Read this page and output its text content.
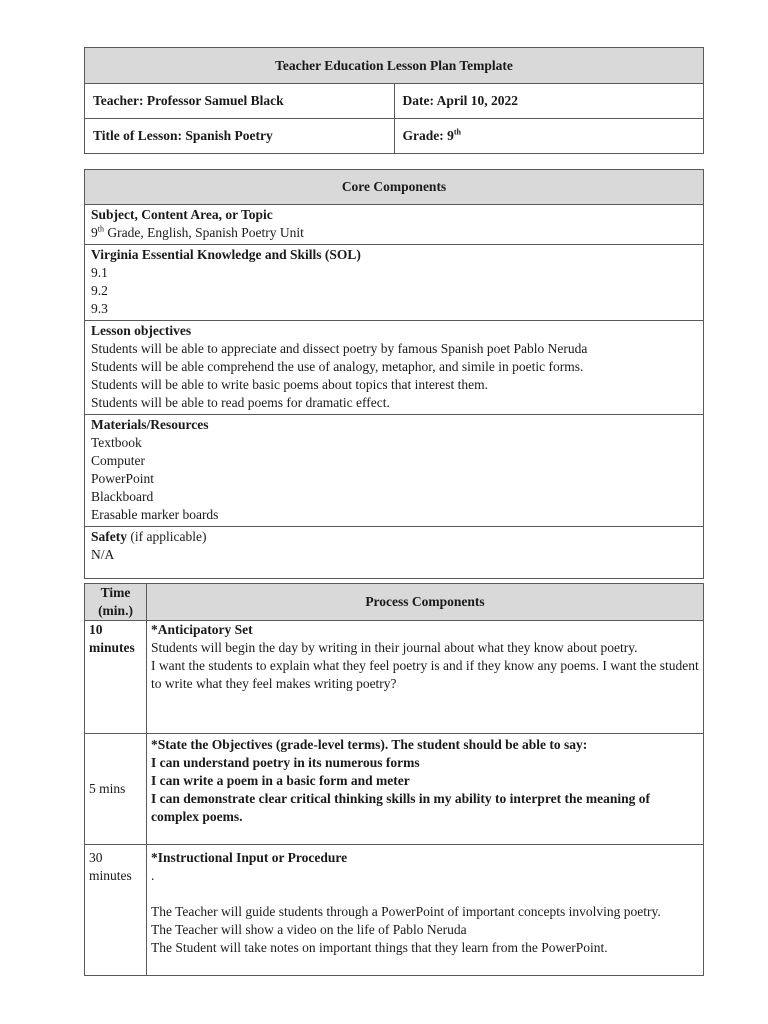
Teacher Education Lesson Plan Template	
Teacher: Professor Samuel Black	Date: April 10, 2022
Title of Lesson: Spanish Poetry	Grade: 9th
Core Components

Subject, Content Area, or Topic
9th Grade, English, Spanish Poetry Unit

Virginia Essential Knowledge and Skills (SOL)
9.1
9.2
9.3

Lesson objectives
Students will be able to appreciate and dissect poetry by famous Spanish poet Pablo Neruda
Students will be able comprehend the use of analogy, metaphor, and simile in poetic forms.
Students will be able to write basic poems about topics that interest them.
Students will be able to read poems for dramatic effect.

Materials/Resources
Textbook
Computer
PowerPoint
Blackboard
Erasable marker boards

Safety (if applicable)
N/A
Time (min.)	Process Components
10 minutes	*Anticipatory Set
Students will begin the day by writing in their journal about what they know about poetry.
I want the students to explain what they feel poetry is and if they know any poems. I want the student to write what they feel makes writing poetry?

5 mins	*State the Objectives (grade-level terms). The student should be able to say:
I can understand poetry in its numerous forms
I can write a poem in a basic form and meter
I can demonstrate clear critical thinking skills in my ability to interpret the meaning of complex poems.

30 minutes	*Instructional Input or Procedure
.
The Teacher will guide students through a PowerPoint of important concepts involving poetry.
The Teacher will show a video on the life of Pablo Neruda
The Student will take notes on important things that they learn from the PowerPoint.
